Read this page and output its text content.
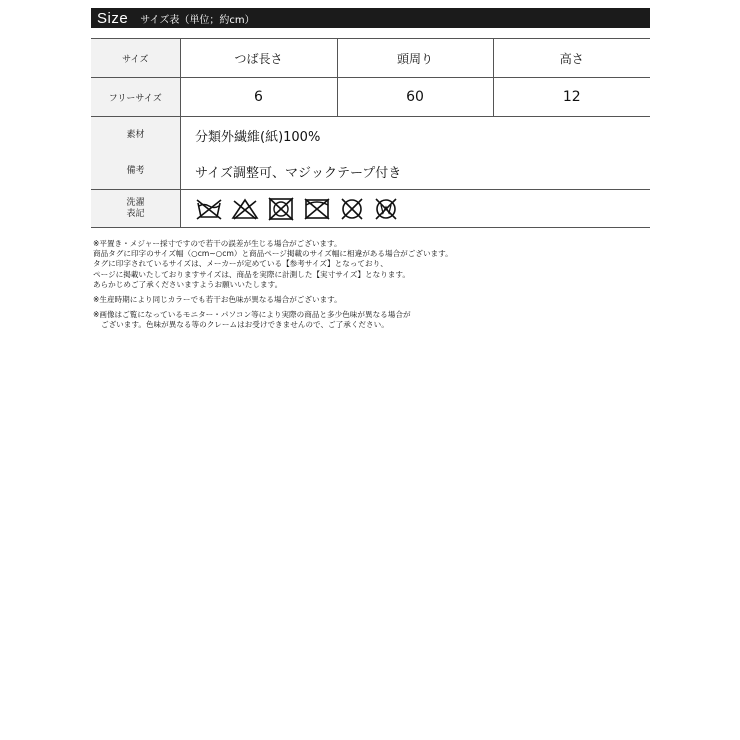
Size サイズ表（単位；約cm）
サイズ	つば長さ	頭周り	高さ
フリーサイズ	6	60	12
素材	分類外繊維(紙)100%
備考	サイズ調整可、マジックテープ付き
洗濯
表記

※平置き・メジャー採寸ですので若干の誤差が生じる場合がございます。

商品タグに印字のサイズ幅（○cm~○cm）と商品ページ掲載のサイズ幅に相違がある場合がございます。

タグに印字されているサイズは、メーカーが定めている【参考サイズ】となっており、

ページに掲載いたしておりますサイズは、商品を実際に計測した【実寸サイズ】となります。

あらかじめご了承くださいますようお願いいたします。

※生産時期により同じカラーでも若干お色味が異なる場合がございます。

※画像はご覧になっているモニター・パソコン等により実際の商品と多少色味が異なる場合が

ございます。色味が異なる等のクレームはお受けできませんので、ご了承ください。
